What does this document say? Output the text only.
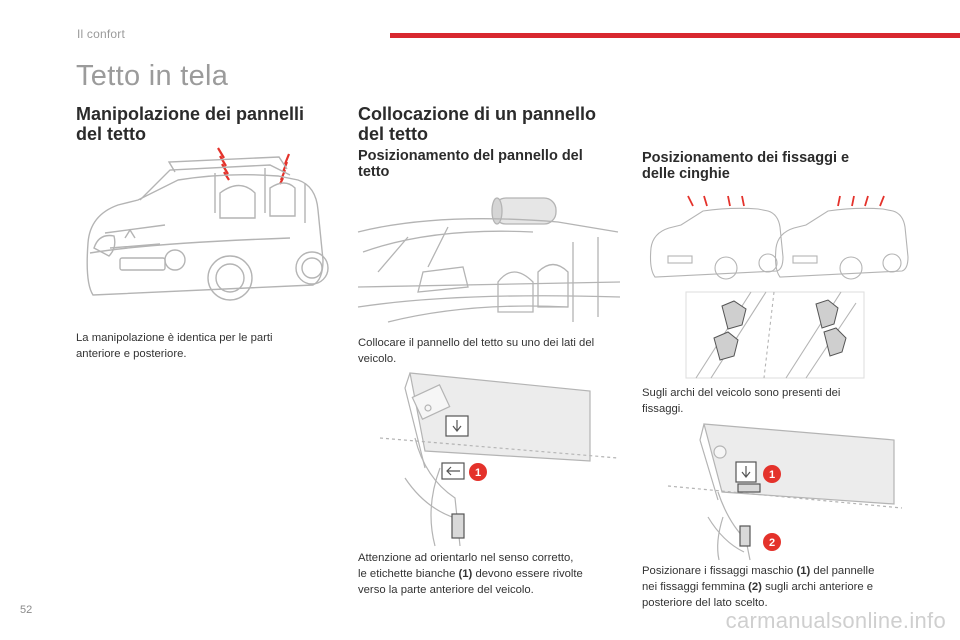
Il confort
Tetto in tela
Manipolazione dei pannelli
del tetto
La manipolazione è identica per le parti
anteriore e posteriore.
Collocazione di un pannello
del tetto
Posizionamento del pannello del
tetto
Collocare il pannello del tetto su uno dei lati del
veicolo.
1
Attenzione ad orientarlo nel senso corretto,
le etichette bianche (1) devono essere rivolte
verso la parte anteriore del veicolo.
Posizionamento dei fissaggi e
delle cinghie
Sugli archi del veicolo sono presenti dei
fissaggi.
1
2
Posizionare i fissaggi maschio (1) del pannelle
nei fissaggi femmina (2) sugli archi anteriore e
posteriore del lato scelto.
52	carmanualsonline.info
